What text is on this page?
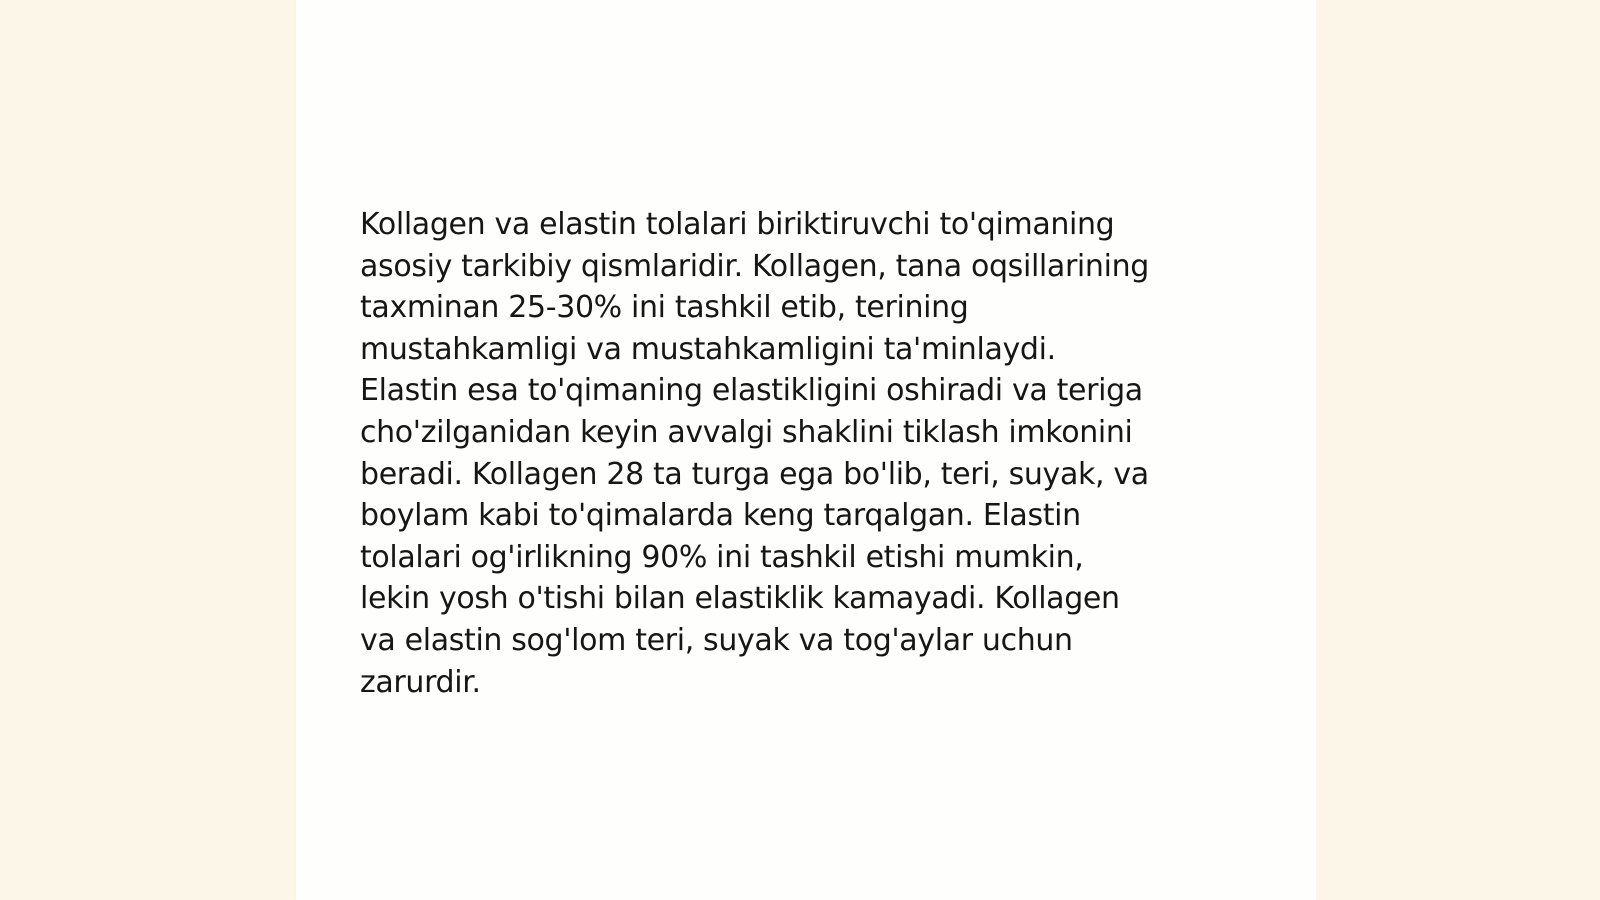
Kollagen va elastin tolalari biriktiruvchi to'qimaning
asosiy tarkibiy qismlaridir. Kollagen, tana oqsillarining
taxminan 25-30% ini tashkil etib, terining
mustahkamligi va mustahkamligini ta'minlaydi.
Elastin esa to'qimaning elastikligini oshiradi va teriga
cho'zilganidan keyin avvalgi shaklini tiklash imkonini
beradi. Kollagen 28 ta turga ega bo'lib, teri, suyak, va
boylam kabi to'qimalarda keng tarqalgan. Elastin
tolalari og'irlikning 90% ini tashkil etishi mumkin,
lekin yosh o'tishi bilan elastiklik kamayadi. Kollagen
va elastin sog'lom teri, suyak va tog'aylar uchun
zarurdir.
